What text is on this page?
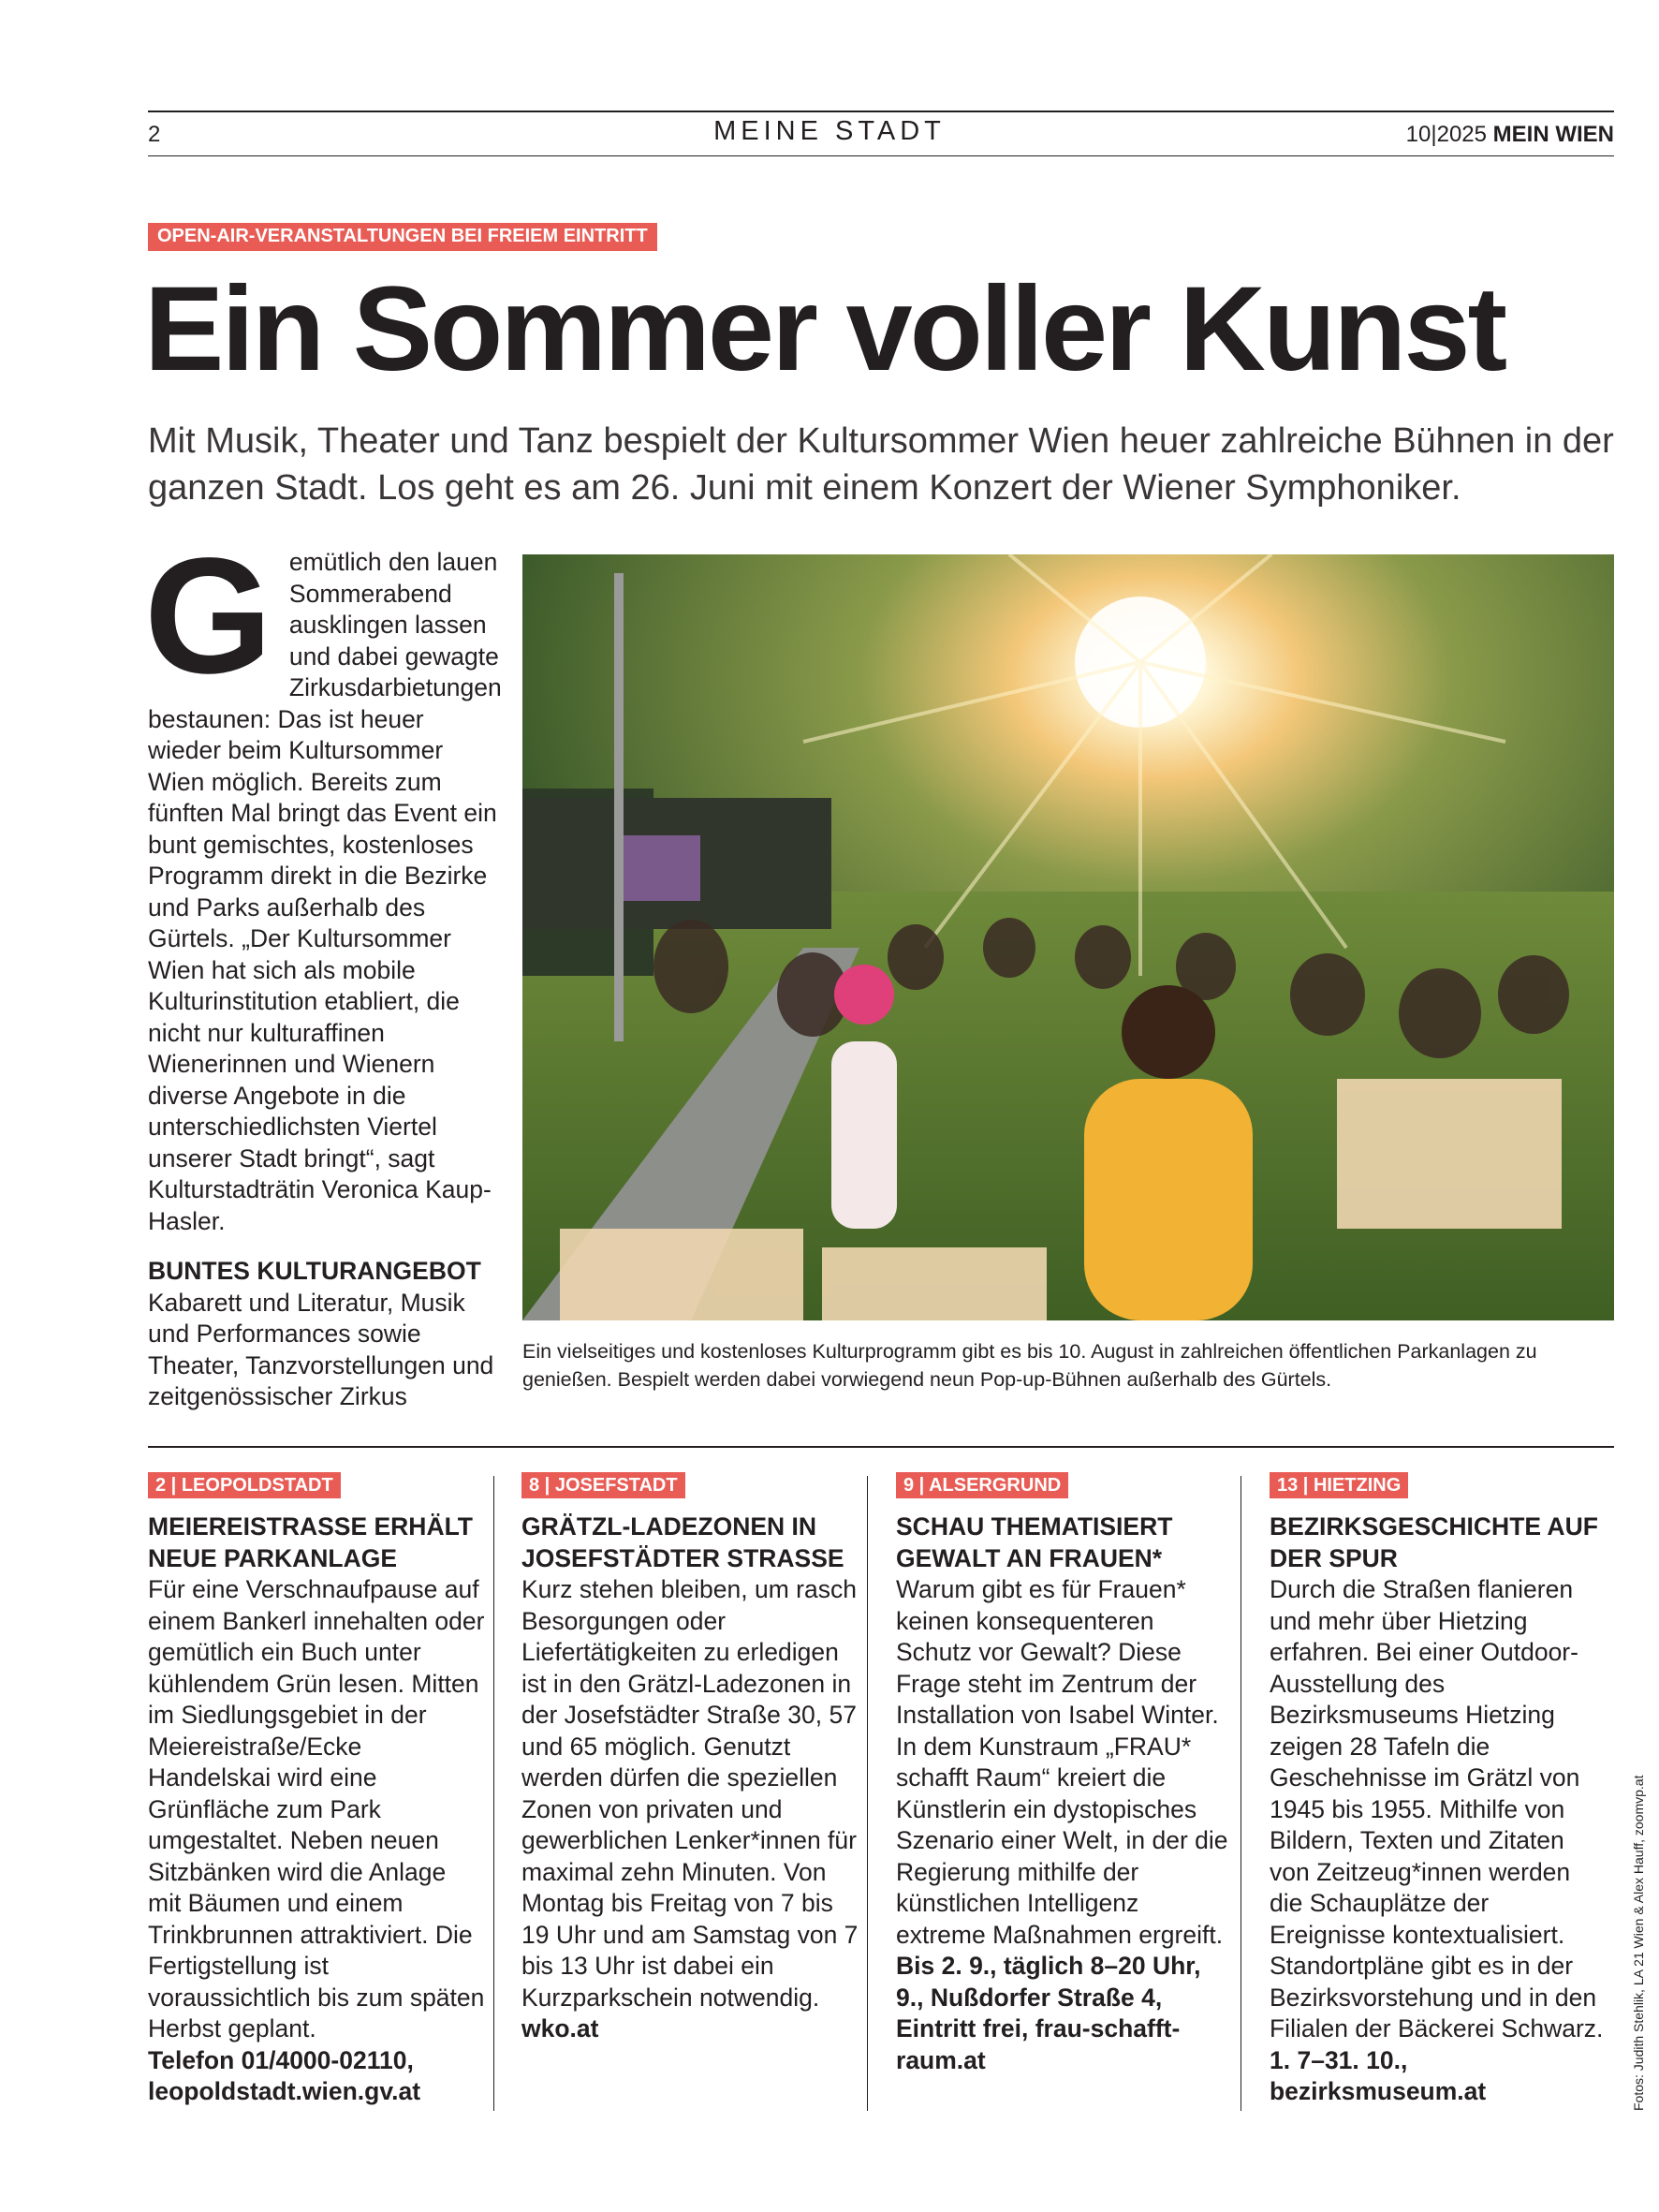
2	MEINE STADT	10|2025 MEIN WIEN
OPEN-AIR-VERANSTALTUNGEN BEI FREIEM EINTRITT
Ein Sommer voller Kunst

Mit Musik, Theater und Tanz bespielt der Kultursommer Wien heuer zahlreiche Bühnen in der ganzen Stadt. Los geht es am 26. Juni mit einem Konzert der Wiener Symphoniker.

G emütlich den lauen Sommerabend ausklingen lassen und dabei gewagte Zirkusdarbietungen bestaunen: Das ist heuer wieder beim Kultursommer Wien möglich. Bereits zum fünften Mal bringt das Event ein bunt gemischtes, kostenloses Programm direkt in die Bezirke und Parks außerhalb des Gürtels. „Der Kultursommer Wien hat sich als mobile Kulturinstitution etabliert, die nicht nur kulturaffinen Wienerinnen und Wienern diverse Angebote in die unterschiedlichsten Viertel unserer Stadt bringt“, sagt Kulturstadträtin Veronica Kaup-Hasler.
BUNTES KULTURANGEBOT
Kabarett und Literatur, Musik und Performances sowie Theater, Tanzvorstellungen und zeitgenössischer Zirkus

Ein vielseitiges und kostenloses Kulturprogramm gibt es bis 10. August in zahlreichen öffentlichen Parkanlagen zu genießen. Bespielt werden dabei vorwiegend neun Pop-up-Bühnen außerhalb des Gürtels.

2 | LEOPOLDSTADT
MEIEREISTRASSE ERHÄLT NEUE PARKANLAGE
Für eine Verschnaufpause auf einem Bankerl innehalten oder gemütlich ein Buch unter kühlendem Grün lesen. Mitten im Siedlungsgebiet in der Meiereistraße/Ecke Handelskai wird eine Grünfläche zum Park umgestaltet. Neben neuen Sitzbänken wird die Anlage mit Bäumen und einem Trinkbrunnen attraktiviert. Die Fertigstellung ist voraussichtlich bis zum späten Herbst geplant.
Telefon 01/4000-02110, leopoldstadt.wien.gv.at
8 | JOSEFSTADT
GRÄTZL-LADEZONEN IN JOSEFSTÄDTER STRASSE
Kurz stehen bleiben, um rasch Besorgungen oder Liefertätigkeiten zu erledigen ist in den Grätzl-Ladezonen in der Josefstädter Straße 30, 57 und 65 möglich. Genutzt werden dürfen die speziellen Zonen von privaten und gewerblichen Lenker*innen für maximal zehn Minuten. Von Montag bis Freitag von 7 bis 19 Uhr und am Samstag von 7 bis 13 Uhr ist dabei ein Kurzparkschein notwendig.
wko.at
9 | ALSERGRUND
SCHAU THEMATISIERT GEWALT AN FRAUEN*
Warum gibt es für Frauen* keinen konsequenteren Schutz vor Gewalt? Diese Frage steht im Zentrum der Installation von Isabel Winter. In dem Kunstraum „FRAU* schafft Raum“ kreiert die Künstlerin ein dystopisches Szenario einer Welt, in der die Regierung mithilfe der künstlichen Intelligenz extreme Maßnahmen ergreift.
Bis 2. 9., täglich 8–20 Uhr, 9., Nußdorfer Straße 4, Eintritt frei, frau-schafft-raum.at
13 | HIETZING
BEZIRKSGESCHICHTE AUF DER SPUR
Durch die Straßen flanieren und mehr über Hietzing erfahren. Bei einer Outdoor-Ausstellung des Bezirksmuseums Hietzing zeigen 28 Tafeln die Geschehnisse im Grätzl von 1945 bis 1955. Mithilfe von Bildern, Texten und Zitaten von Zeitzeug*innen werden die Schauplätze der Ereignisse kontextualisiert. Standortpläne gibt es in der Bezirksvorstehung und in den Filialen der Bäckerei Schwarz.
1. 7–31. 10., bezirksmuseum.at	Fotos: Judith Stehlik, LA 21 Wien & Alex Hauff, zoomvp.at
